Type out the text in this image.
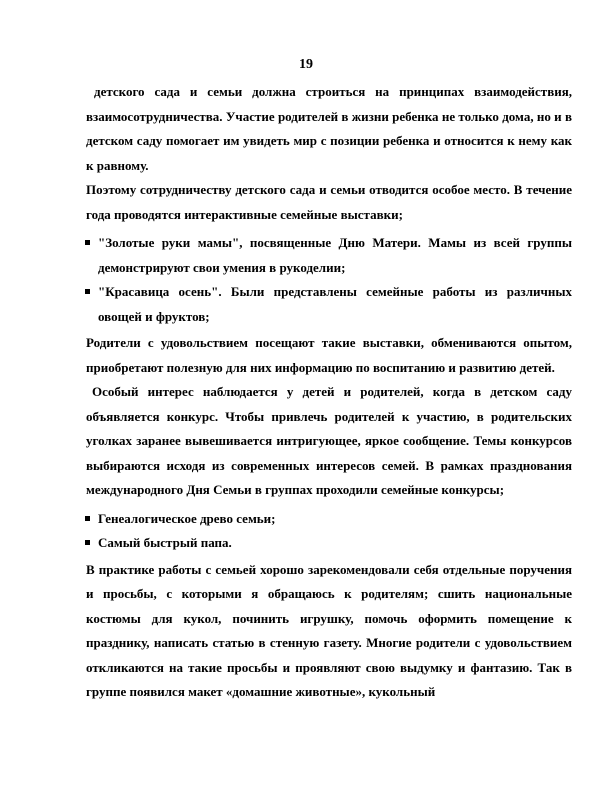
19

детского сада и семьи должна строиться на принципах взаимодействия, взаимосотрудничества. Участие родителей в жизни ребенка не только дома, но и в детском саду помогает им увидеть мир с позиции ребенка и относится к нему как к равному.

Поэтому сотрудничеству детского сада и семьи отводится особое место. В течение года проводятся интерактивные семейные выставки;

"Золотые руки мамы", посвященные Дню Матери. Мамы из всей группы демонстрируют свои умения в рукоделии;
"Красавица осень". Были представлены семейные работы из различных овощей и фруктов;

Родители с удовольствием посещают такие выставки, обмениваются опытом, приобретают полезную для них информацию по воспитанию и развитию детей.

Особый интерес наблюдается у детей и родителей, когда в детском саду объявляется конкурс. Чтобы привлечь родителей к участию, в родительских уголках заранее вывешивается интригующее, яркое сообщение. Темы конкурсов выбираются исходя из современных интересов семей. В рамках празднования международного Дня Семьи в группах проходили семейные конкурсы;

Генеалогическое древо семьи;
Самый быстрый папа.

В практике работы с семьей хорошо зарекомендовали себя отдельные поручения и просьбы, с которыми я обращаюсь к родителям; сшить национальные костюмы для кукол, починить игрушку, помочь оформить помещение к празднику, написать статью в стенную газету. Многие родители с удовольствием откликаются на такие просьбы и проявляют свою выдумку и фантазию. Так в группе появился макет «домашние животные», кукольный
